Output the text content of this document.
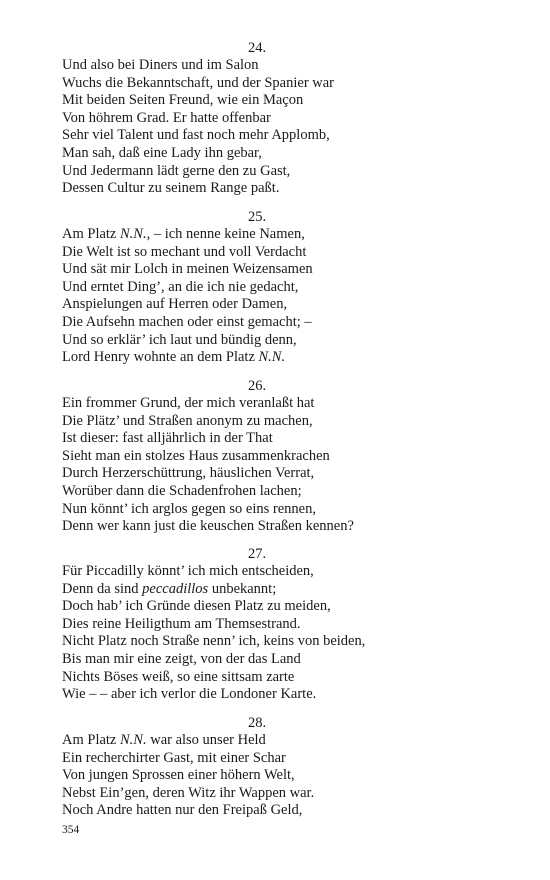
24.
Und also bei Diners und im Salon
Wuchs die Bekanntschaft, und der Spanier war
Mit beiden Seiten Freund, wie ein Maçon
Von höhrem Grad. Er hatte offenbar
Sehr viel Talent und fast noch mehr Applomb,
Man sah, daß eine Lady ihn gebar,
Und Jedermann lädt gerne den zu Gast,
Dessen Cultur zu seinem Range paßt.
25.
Am Platz N.N., – ich nenne keine Namen,
Die Welt ist so mechant und voll Verdacht
Und sät mir Lolch in meinen Weizensamen
Und erntet Ding’, an die ich nie gedacht,
Anspielungen auf Herren oder Damen,
Die Aufsehn machen oder einst gemacht; –
Und so erklär’ ich laut und bündig denn,
Lord Henry wohnte an dem Platz N.N.
26.
Ein frommer Grund, der mich veranlaßt hat
Die Plätz’ und Straßen anonym zu machen,
Ist dieser: fast alljährlich in der That
Sieht man ein stolzes Haus zusammenkrachen
Durch Herzerschüttrung, häuslichen Verrat,
Worüber dann die Schadenfrohen lachen;
Nun könnt’ ich arglos gegen so eins rennen,
Denn wer kann just die keuschen Straßen kennen?
27.
Für Piccadilly könnt’ ich mich entscheiden,
Denn da sind peccadillos unbekannt;
Doch hab’ ich Gründe diesen Platz zu meiden,
Dies reine Heiligthum am Themsestrand.
Nicht Platz noch Straße nenn’ ich, keins von beiden,
Bis man mir eine zeigt, von der das Land
Nichts Böses weiß, so eine sittsam zarte
Wie – – aber ich verlor die Londoner Karte.
28.
Am Platz N.N. war also unser Held
Ein recherchirter Gast, mit einer Schar
Von jungen Sprossen einer höhern Welt,
Nebst Ein’gen, deren Witz ihr Wappen war.
Noch Andre hatten nur den Freipaß Geld,
354
